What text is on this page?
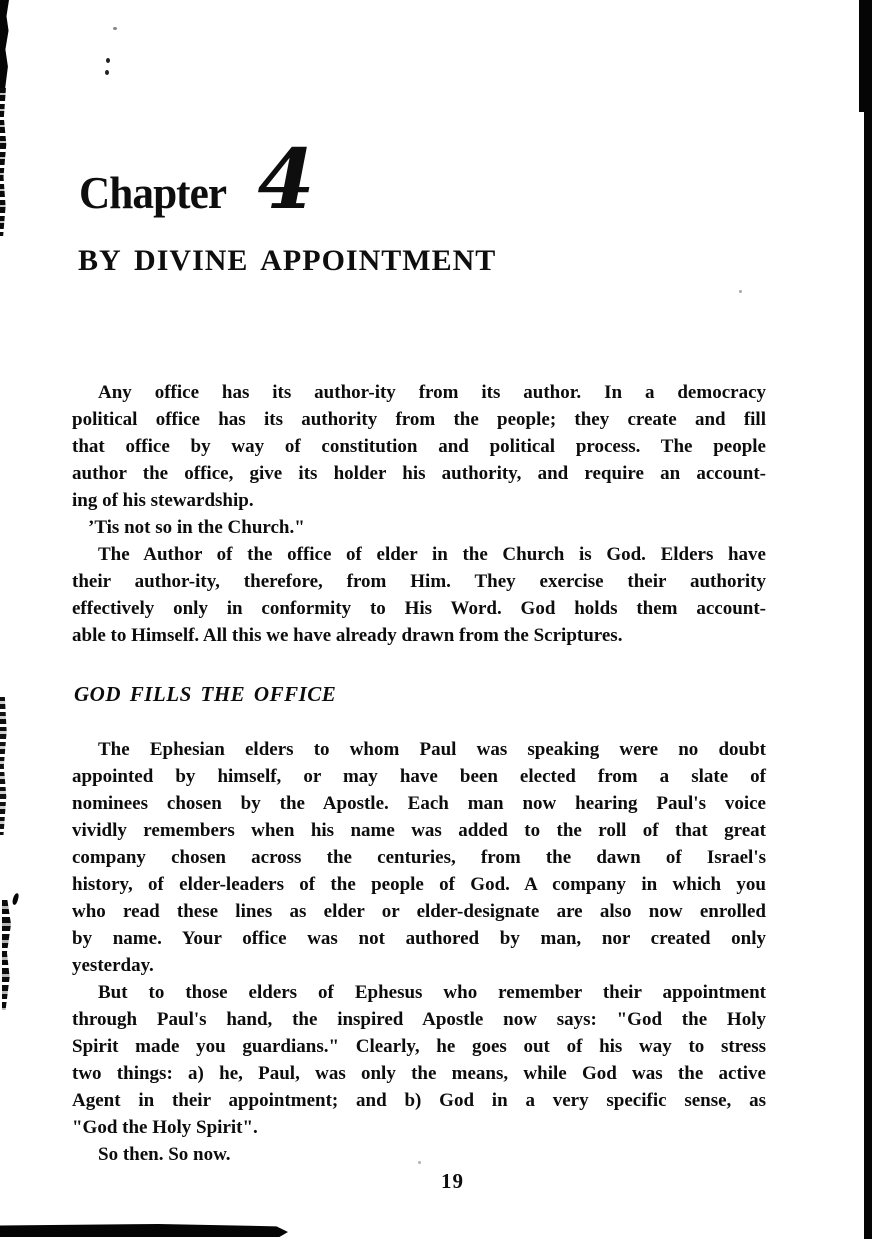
Chapter 4
BY DIVINE APPOINTMENT
Any office has its author-ity from its author. In a democracy
political office has its authority from the people; they create and fill
that office by way of constitution and political process. The people
author the office, give its holder his authority, and require an account-
ing of his stewardship.
’Tis not so in the Church."
The Author of the office of elder in the Church is God. Elders have
their author-ity, therefore, from Him. They exercise their authority
effectively only in conformity to His Word. God holds them account-
able to Himself. All this we have already drawn from the Scriptures.
GOD FILLS THE OFFICE
The Ephesian elders to whom Paul was speaking were no doubt
appointed by himself, or may have been elected from a slate of
nominees chosen by the Apostle. Each man now hearing Paul's voice
vividly remembers when his name was added to the roll of that great
company chosen across the centuries, from the dawn of Israel's
history, of elder-leaders of the people of God. A company in which you
who read these lines as elder or elder-designate are also now enrolled
by name. Your office was not authored by man, nor created only
yesterday.
But to those elders of Ephesus who remember their appointment
through Paul's hand, the inspired Apostle now says: "God the Holy
Spirit made you guardians." Clearly, he goes out of his way to stress
two things: a) he, Paul, was only the means, while God was the active
Agent in their appointment; and b) God in a very specific sense, as
"God the Holy Spirit".
So then. So now.
19
